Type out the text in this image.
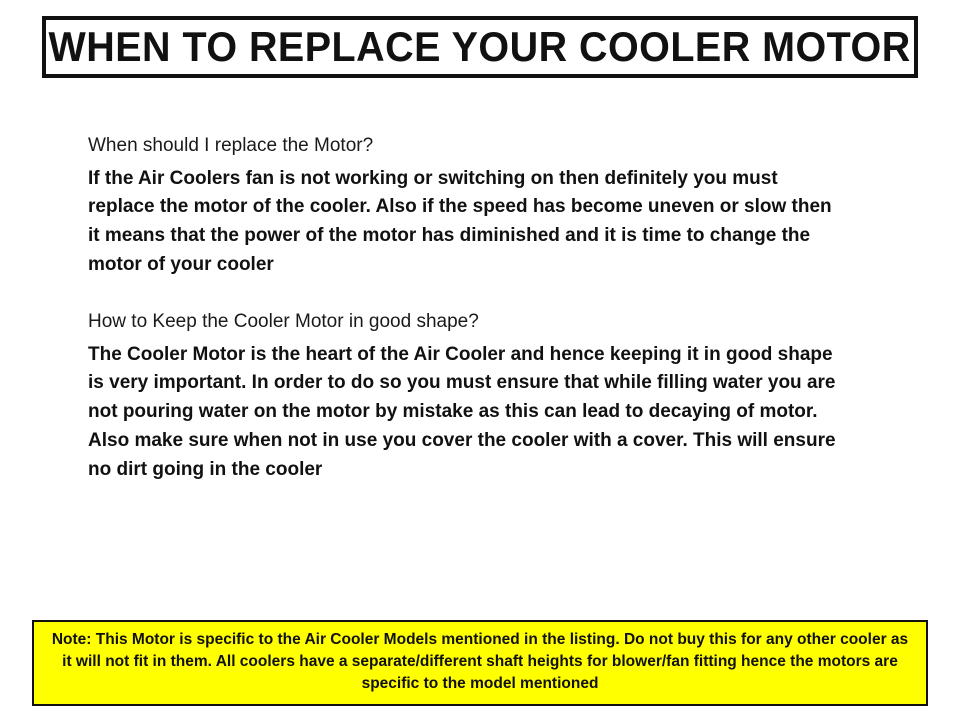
WHEN TO REPLACE YOUR COOLER MOTOR

When should I replace the Motor?

If the Air Coolers fan is not working or switching on then definitely you must replace the motor of the cooler. Also if the speed has become uneven or slow then it means that the power of the motor has diminished and it is time to change the motor of your cooler

How to Keep the Cooler Motor in good shape?

The Cooler Motor is the heart of the Air Cooler and hence keeping it in good shape is very important. In order to do so you must ensure that while filling water you are not pouring water on the motor by mistake as this can lead to decaying of motor. Also make sure when not in use you cover the cooler with a cover. This will ensure no dirt going in the cooler

Note: This Motor is specific to the Air Cooler Models mentioned in the listing. Do not buy this for any other cooler as it will not fit in them. All coolers have a separate/different shaft heights for blower/fan fitting hence the motors are specific to the model mentioned
